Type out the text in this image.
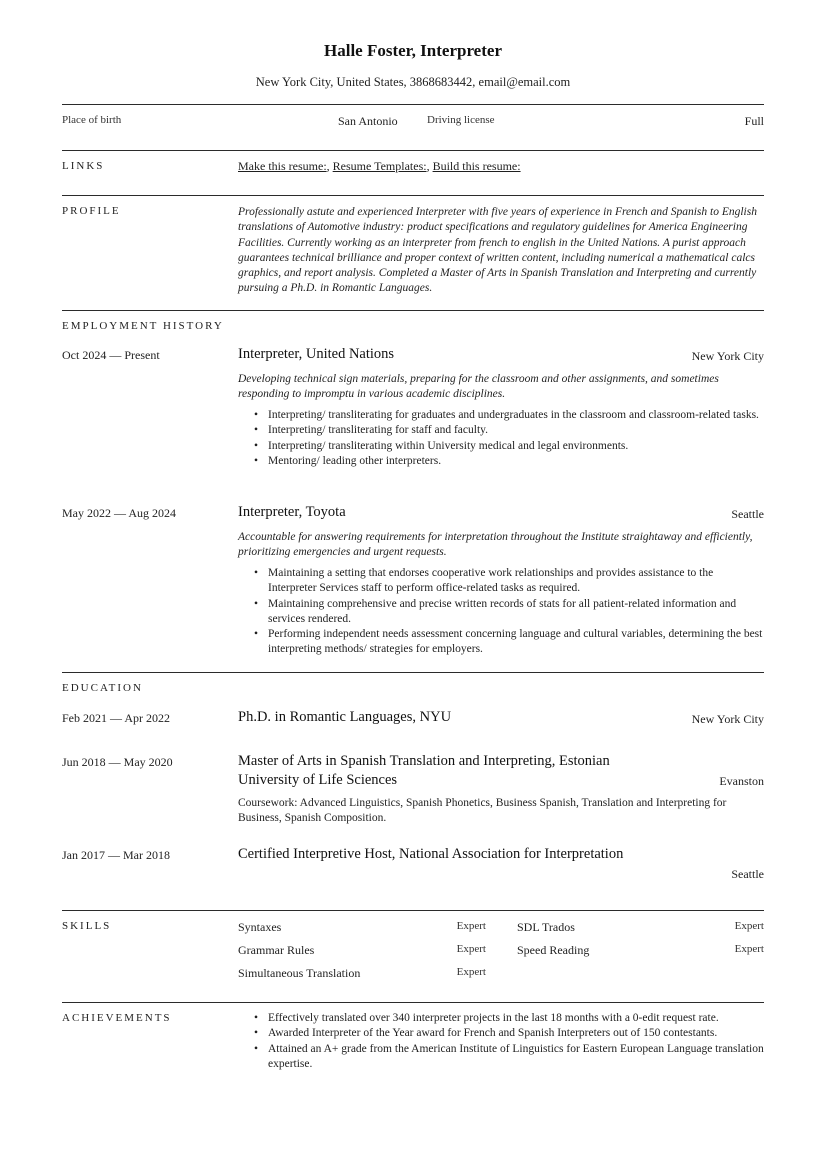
Halle Foster, Interpreter
New York City, United States, 3868683442, email@email.com
Place of birth	San Antonio	Driving license	Full
LINKS	Make this resume:, Resume Templates:, Build this resume:
PROFILE	Professionally astute and experienced Interpreter with five years of experience in French and Spanish to English translations of Automotive industry: product specifications and regulatory guidelines for America Engineering Facilities. Currently working as an interpreter from french to english in the United Nations. A purist approach guarantees technical brilliance and proper context of written content, including numerical a mathematical calcs graphics, and report analysis. Completed a Master of Arts in Spanish Translation and Interpreting and currently pursuing a Ph.D. in Romantic Languages.
EMPLOYMENT HISTORY
Oct 2024 — Present	Interpreter, United Nations	New York City
Developing technical sign materials, preparing for the classroom and other assignments, and sometimes responding to impromptu in various academic disciplines.
• Interpreting/ transliterating for graduates and undergraduates in the classroom and classroom-related tasks.
• Interpreting/ transliterating for staff and faculty.
• Interpreting/ transliterating within University medical and legal environments.
• Mentoring/ leading other interpreters.
May 2022 — Aug 2024	Interpreter, Toyota	Seattle
Accountable for answering requirements for interpretation throughout the Institute straightaway and efficiently, prioritizing emergencies and urgent requests.
• Maintaining a setting that endorses cooperative work relationships and provides assistance to the Interpreter Services staff to perform office-related tasks as required.
• Maintaining comprehensive and precise written records of stats for all patient-related information and services rendered.
• Performing independent needs assessment concerning language and cultural variables, determining the best interpreting methods/ strategies for employers.
EDUCATION
Feb 2021 — Apr 2022	Ph.D. in Romantic Languages, NYU	New York City
Jun 2018 — May 2020	Master of Arts in Spanish Translation and Interpreting, Estonian University of Life Sciences	Evanston
Coursework: Advanced Linguistics, Spanish Phonetics, Business Spanish, Translation and Interpreting for Business, Spanish Composition.
Jan 2017 — Mar 2018	Certified Interpretive Host, National Association for Interpretation
Seattle
SKILLS	Syntaxes	Expert	SDL Trados	Expert
Grammar Rules	Expert	Speed Reading	Expert
Simultaneous Translation	Expert
ACHIEVEMENTS
•	Effectively translated over 340 interpreter projects in the last 18 months with a 0-edit request rate.
• Awarded Interpreter of the Year award for French and Spanish Interpreters out of 150 contestants.
• Attained an A+ grade from the American Institute of Linguistics for Eastern European Language translation expertise.
